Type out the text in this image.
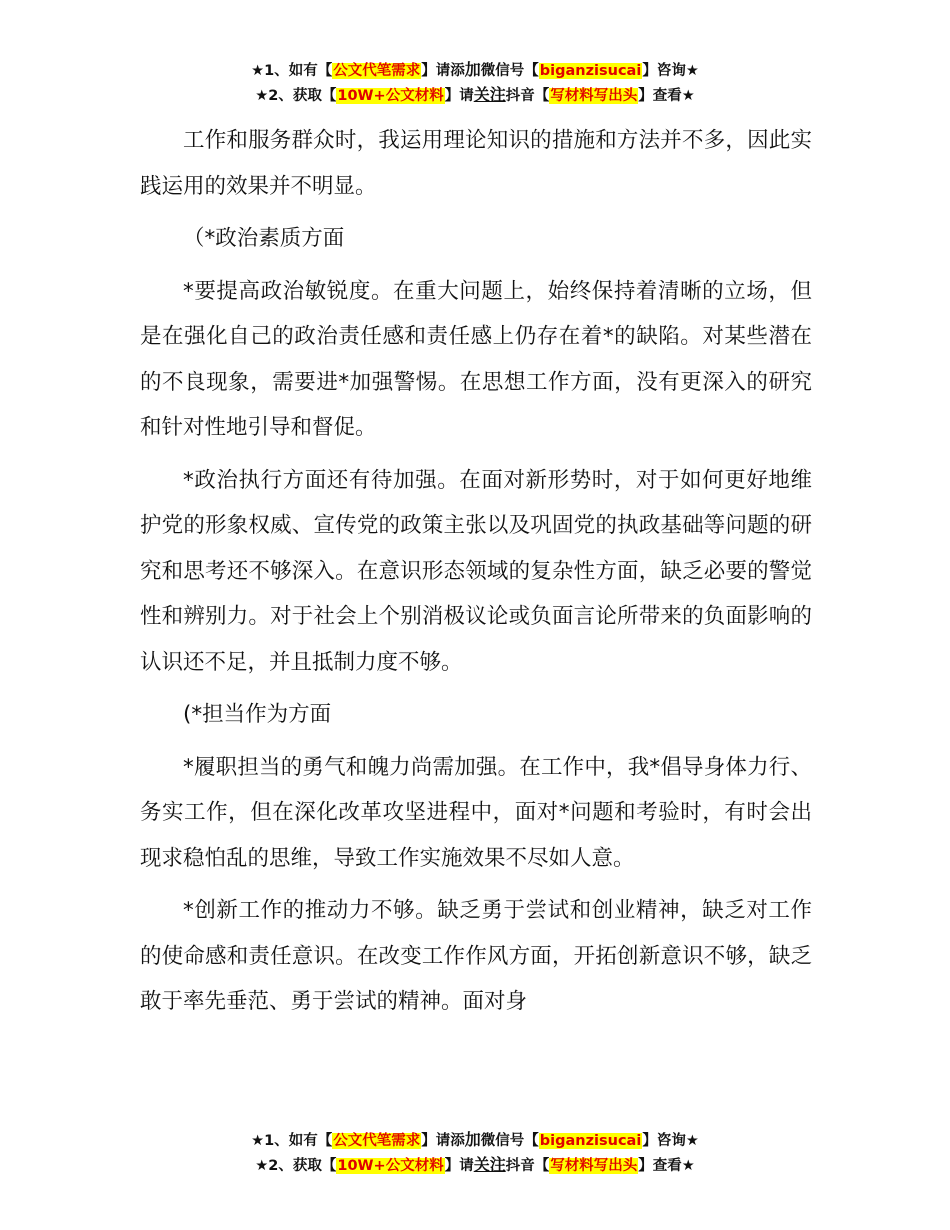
★1、如有【公文代笔需求】请添加微信号【biganzisucai】咨询★
★2、获取【10W+公文材料】请关注抖音【写材料写出头】查看★

工作和服务群众时，我运用理论知识的措施和方法并不多，因此实践运用的效果并不明显。

（*政治素质方面

*要提高政治敏锐度。在重大问题上，始终保持着清晰的立场，但是在强化自己的政治责任感和责任感上仍存在着*的缺陷。对某些潜在的不良现象，需要进*加强警惕。在思想工作方面，没有更深入的研究和针对性地引导和督促。

*政治执行方面还有待加强。在面对新形势时，对于如何更好地维护党的形象权威、宣传党的政策主张以及巩固党的执政基础等问题的研究和思考还不够深入。在意识形态领域的复杂性方面，缺乏必要的警觉性和辨别力。对于社会上个别消极议论或负面言论所带来的负面影响的认识还不足，并且抵制力度不够。

(*担当作为方面

*履职担当的勇气和魄力尚需加强。在工作中，我*倡导身体力行、务实工作，但在深化改革攻坚进程中，面对*问题和考验时，有时会出现求稳怕乱的思维，导致工作实施效果不尽如人意。

*创新工作的推动力不够。缺乏勇于尝试和创业精神，缺乏对工作的使命感和责任意识。在改变工作作风方面，开拓创新意识不够，缺乏敢于率先垂范、勇于尝试的精神。面对身

★1、如有【公文代笔需求】请添加微信号【biganzisucai】咨询★
★2、获取【10W+公文材料】请关注抖音【写材料写出头】查看★
